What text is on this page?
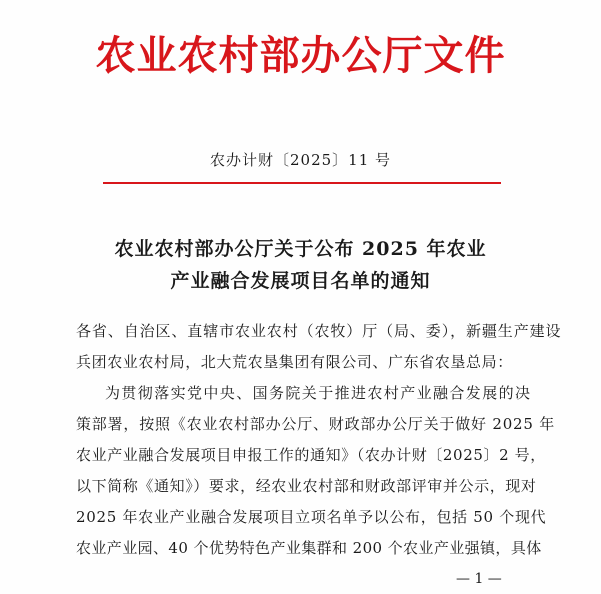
农业农村部办公厅文件
农办计财〔2025〕11 号
农业农村部办公厅关于公布 2025 年农业
产业融合发展项目名单的通知
各省、自治区、直辖市农业农村（农牧）厅（局、委），新疆生产建设
兵团农业农村局，北大荒农垦集团有限公司、广东省农垦总局：
为贯彻落实党中央、国务院关于推进农村产业融合发展的决
策部署，按照《农业农村部办公厅、财政部办公厅关于做好 2025 年
农业产业融合发展项目申报工作的通知》（农办计财〔2025〕2 号，
以下简称《通知》）要求，经农业农村部和财政部评审并公示，现对
2025 年农业产业融合发展项目立项名单予以公布，包括 50 个现代
农业产业园、40 个优势特色产业集群和 200 个农业产业强镇，具体
— 1 —
